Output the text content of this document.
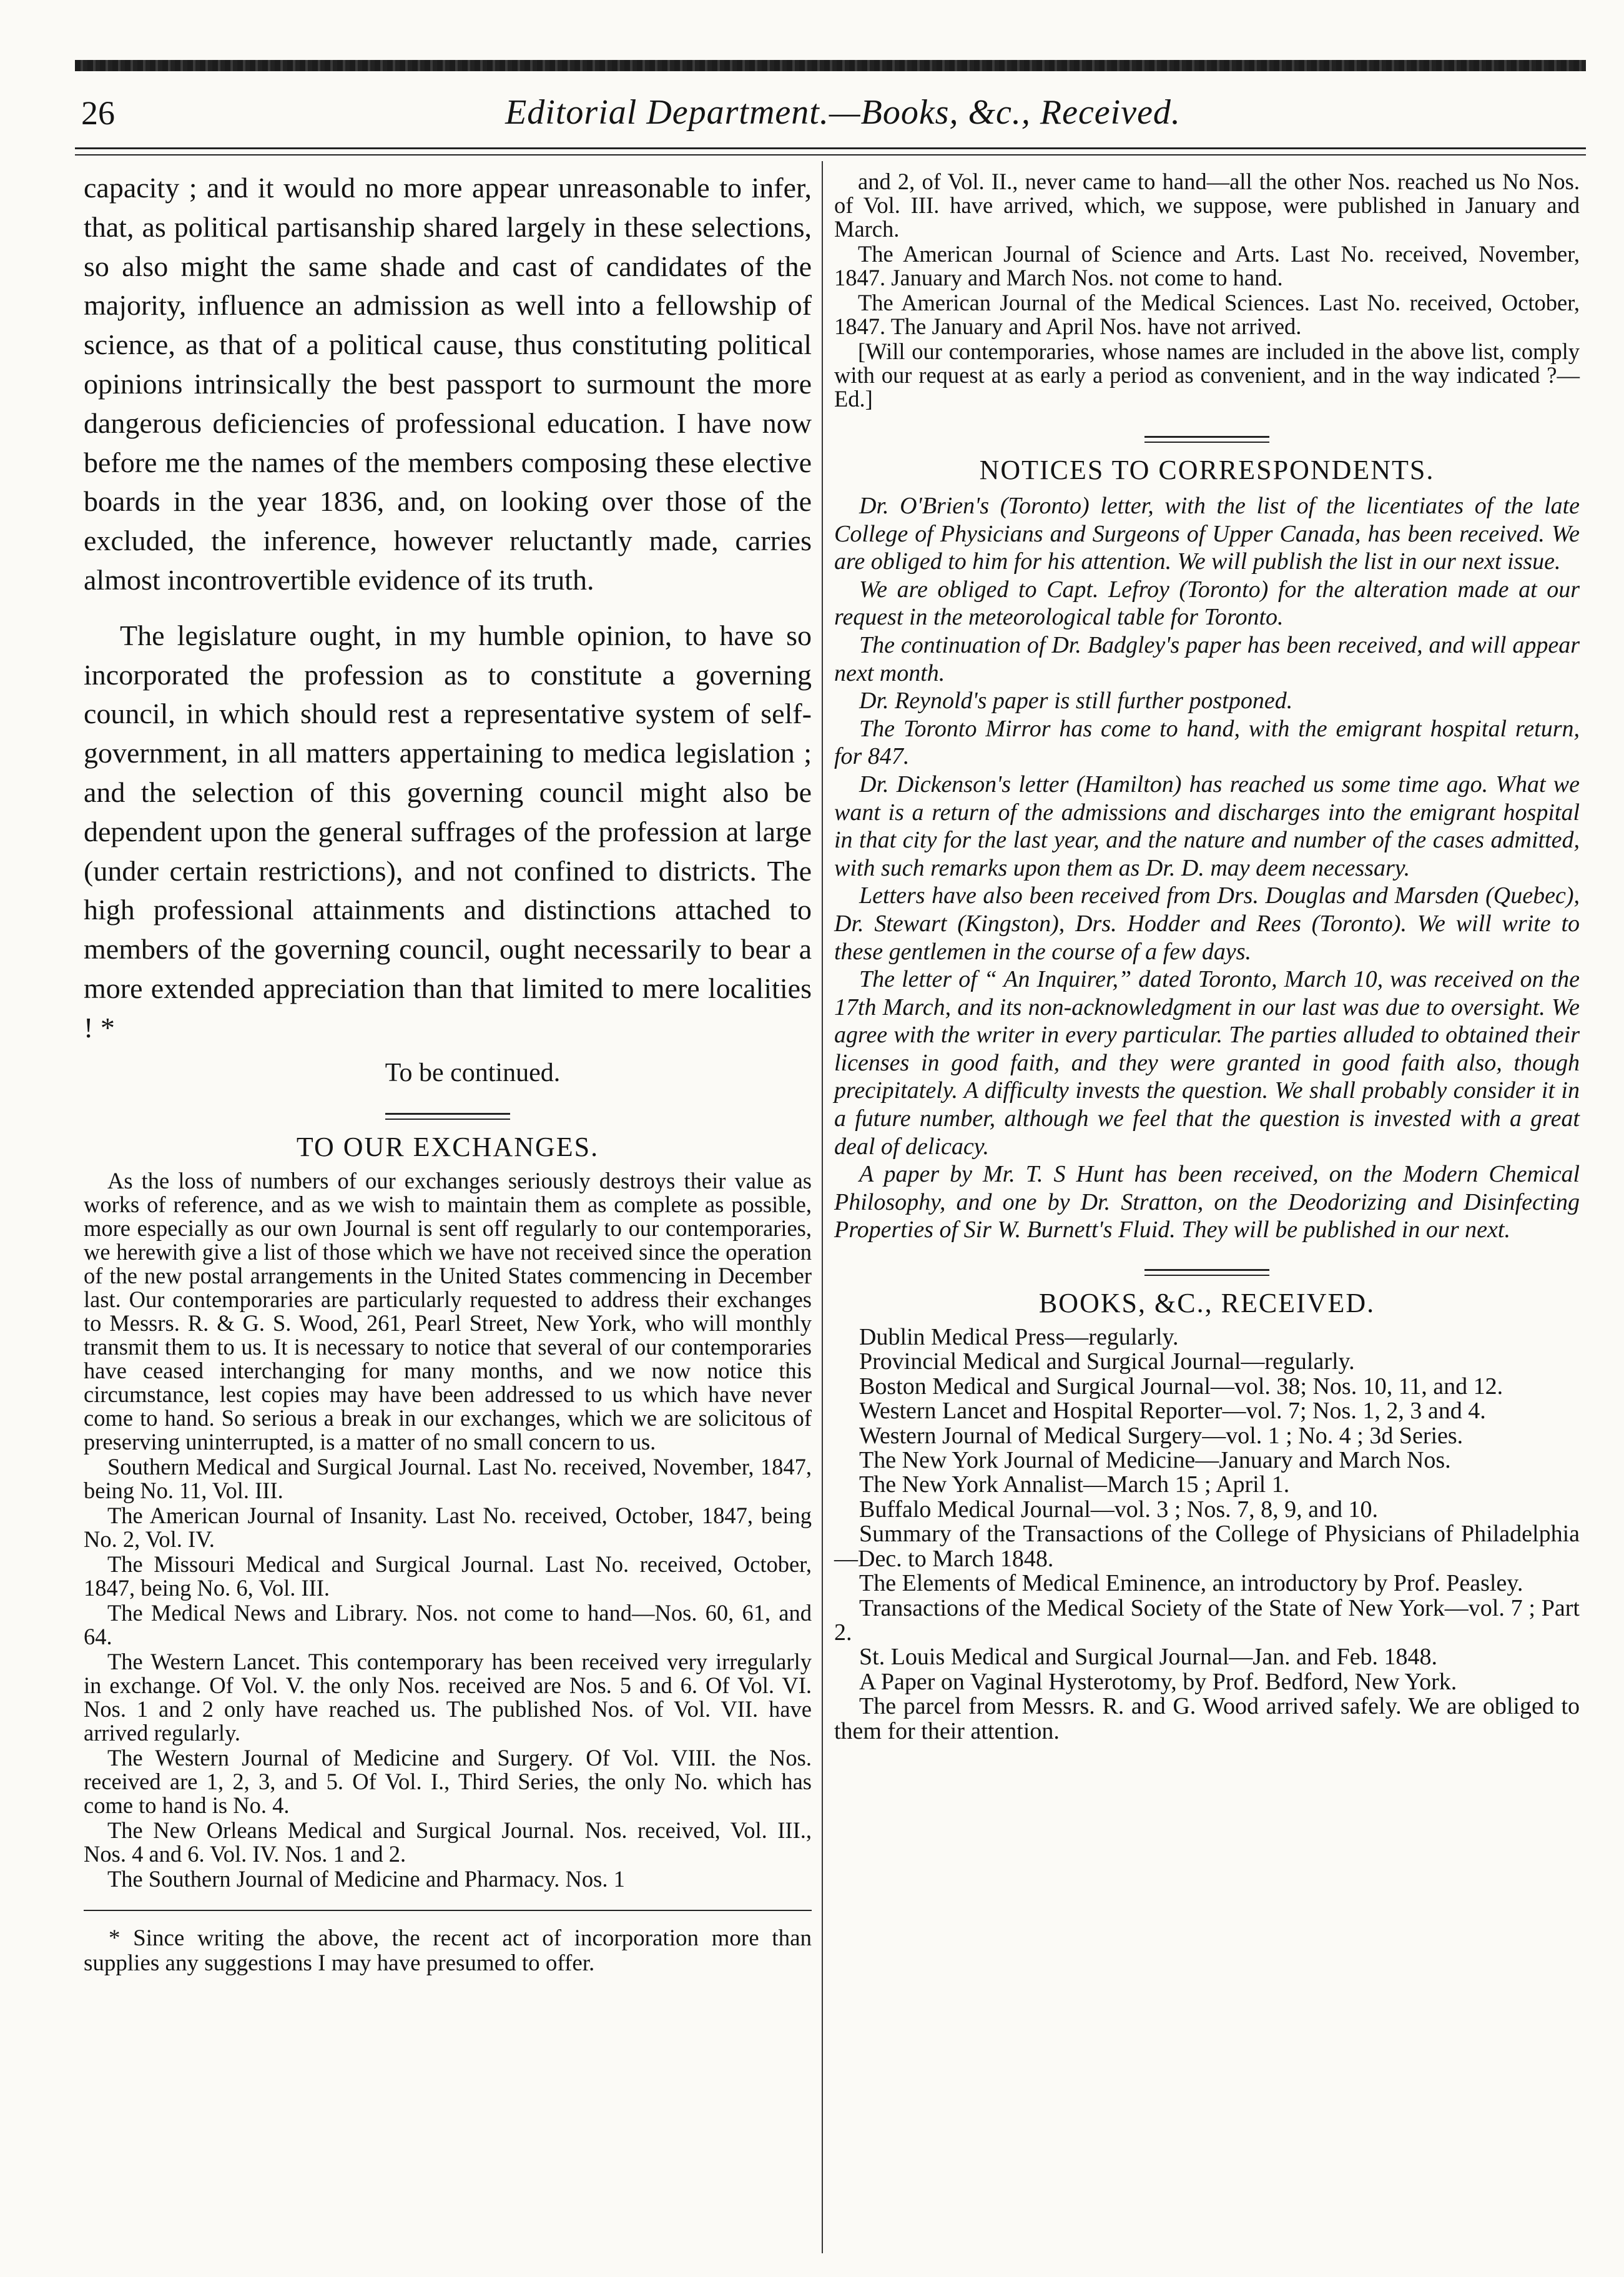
26	Editorial Department.—Books, &c., Received.

capacity ; and it would no more appear unreasonable to infer, that, as political partisanship shared largely in these selections, so also might the same shade and cast of candidates of the majority, influence an admission as well into a fellowship of science, as that of a political cause, thus constituting political opinions intrinsically the best passport to surmount the more dangerous deficiencies of professional education. I have now before me the names of the members composing these elective boards in the year 1836, and, on looking over those of the excluded, the inference, however reluctantly made, carries almost incontrovertible evidence of its truth.

The legislature ought, in my humble opinion, to have so incorporated the profession as to constitute a governing council, in which should rest a representative system of self-government, in all matters appertaining to medica legislation ; and the selection of this governing council might also be dependent upon the general suffrages of the profession at large (under certain restrictions), and not confined to districts. The high professional attainments and distinctions attached to members of the governing council, ought necessarily to bear a more extended appreciation than that limited to mere localities ! *

To be continued.
TO OUR EXCHANGES.

As the loss of numbers of our exchanges seriously destroys their value as works of reference, and as we wish to maintain them as complete as possible, more especially as our own Journal is sent off regularly to our contemporaries, we herewith give a list of those which we have not received since the operation of the new postal arrangements in the United States commencing in December last. Our contemporaries are particularly requested to address their exchanges to Messrs. R. & G. S. Wood, 261, Pearl Street, New York, who will monthly transmit them to us. It is necessary to notice that several of our contemporaries have ceased interchanging for many months, and we now notice this circumstance, lest copies may have been addressed to us which have never come to hand. So serious a break in our exchanges, which we are solicitous of preserving uninterrupted, is a matter of no small concern to us.

Southern Medical and Surgical Journal. Last No. received, November, 1847, being No. 11, Vol. III.

The American Journal of Insanity. Last No. received, October, 1847, being No. 2, Vol. IV.

The Missouri Medical and Surgical Journal. Last No. received, October, 1847, being No. 6, Vol. III.

The Medical News and Library. Nos. not come to hand—Nos. 60, 61, and 64.

The Western Lancet. This contemporary has been received very irregularly in exchange. Of Vol. V. the only Nos. received are Nos. 5 and 6. Of Vol. VI. Nos. 1 and 2 only have reached us. The published Nos. of Vol. VII. have arrived regularly.

The Western Journal of Medicine and Surgery. Of Vol. VIII. the Nos. received are 1, 2, 3, and 5. Of Vol. I., Third Series, the only No. which has come to hand is No. 4.

The New Orleans Medical and Surgical Journal. Nos. received, Vol. III., Nos. 4 and 6. Vol. IV. Nos. 1 and 2.

The Southern Journal of Medicine and Pharmacy. Nos. 1

* Since writing the above, the recent act of incorporation more than supplies any suggestions I may have presumed to offer.

and 2, of Vol. II., never came to hand—all the other Nos. reached us No Nos. of Vol. III. have arrived, which, we suppose, were published in January and March.

The American Journal of Science and Arts. Last No. received, November, 1847. January and March Nos. not come to hand.

The American Journal of the Medical Sciences. Last No. received, October, 1847. The January and April Nos. have not arrived.

[Will our contemporaries, whose names are included in the above list, comply with our request at as early a period as convenient, and in the way indicated ?—Ed.]

NOTICES TO CORRESPONDENTS.

Dr. O'Brien's (Toronto) letter, with the list of the licentiates of the late College of Physicians and Surgeons of Upper Canada, has been received. We are obliged to him for his attention. We will publish the list in our next issue.

We are obliged to Capt. Lefroy (Toronto) for the alteration made at our request in the meteorological table for Toronto.

The continuation of Dr. Badgley's paper has been received, and will appear next month.

Dr. Reynold's paper is still further postponed.

The Toronto Mirror has come to hand, with the emigrant hospital return, for 847.

Dr. Dickenson's letter (Hamilton) has reached us some time ago. What we want is a return of the admissions and discharges into the emigrant hospital in that city for the last year, and the nature and number of the cases admitted, with such remarks upon them as Dr. D. may deem necessary.

Letters have also been received from Drs. Douglas and Marsden (Quebec), Dr. Stewart (Kingston), Drs. Hodder and Rees (Toronto). We will write to these gentlemen in the course of a few days.

The letter of “ An Inquirer,” dated Toronto, March 10, was received on the 17th March, and its non-acknowledgment in our last was due to oversight. We agree with the writer in every particular. The parties alluded to obtained their licenses in good faith, and they were granted in good faith also, though precipitately. A difficulty invests the question. We shall probably consider it in a future number, although we feel that the question is invested with a great deal of delicacy.

A paper by Mr. T. S Hunt has been received, on the Modern Chemical Philosophy, and one by Dr. Stratton, on the Deodorizing and Disinfecting Properties of Sir W. Burnett's Fluid. They will be published in our next.

BOOKS, &C., RECEIVED.

Dublin Medical Press—regularly.

Provincial Medical and Surgical Journal—regularly.

Boston Medical and Surgical Journal—vol. 38; Nos. 10, 11, and 12.

Western Lancet and Hospital Reporter—vol. 7; Nos. 1, 2, 3 and 4.

Western Journal of Medical Surgery—vol. 1 ; No. 4 ; 3d Series.

The New York Journal of Medicine—January and March Nos.

The New York Annalist—March 15 ; April 1.

Buffalo Medical Journal—vol. 3 ; Nos. 7, 8, 9, and 10.

Summary of the Transactions of the College of Physicians of Philadelphia—Dec. to March 1848.

The Elements of Medical Eminence, an introductory by Prof. Peasley.

Transactions of the Medical Society of the State of New York—vol. 7 ; Part 2.

St. Louis Medical and Surgical Journal—Jan. and Feb. 1848.

A Paper on Vaginal Hysterotomy, by Prof. Bedford, New York.

The parcel from Messrs. R. and G. Wood arrived safely. We are obliged to them for their attention.
